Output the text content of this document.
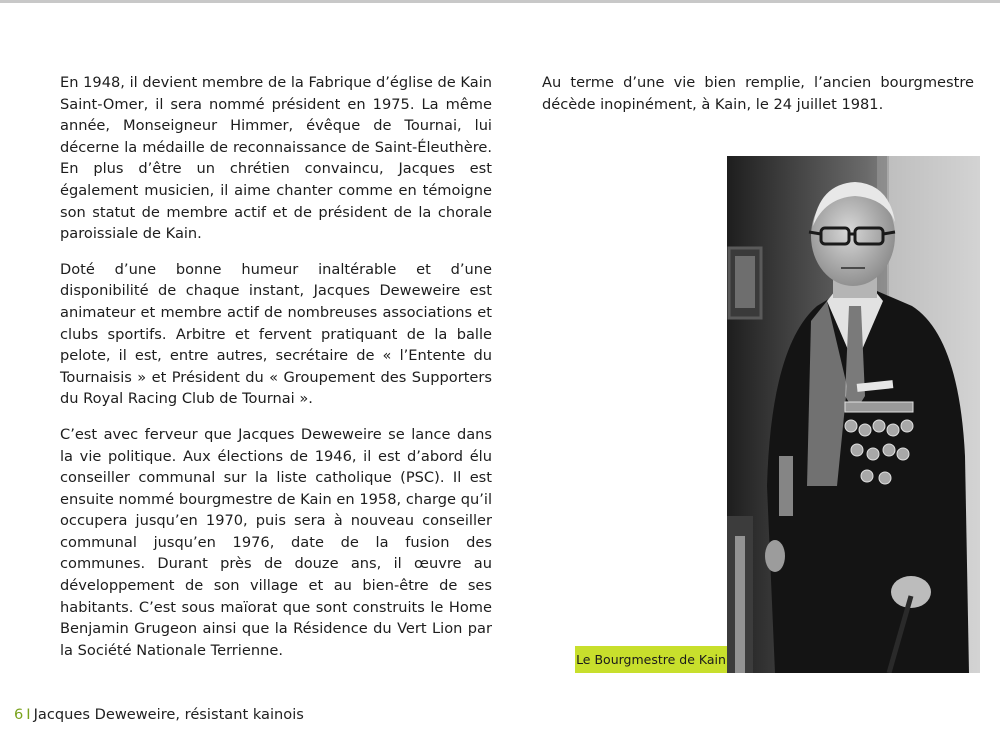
En 1948, il devient membre de la Fabrique d’église de Kain Saint-Omer, il sera nommé président en 1975. La même année, Monseigneur Himmer, évêque de Tournai, lui décerne la médaille de reconnaissance de Saint-Éleuthère. En plus d’être un chrétien convaincu, Jacques est également musicien, il aime chanter comme en témoigne son statut de membre actif et de président de la chorale paroissiale de Kain.

Doté d’une bonne humeur inaltérable et d’une disponibilité de chaque instant, Jacques Deweweire est animateur et membre actif de nombreuses associations et clubs sportifs. Arbitre et fervent pratiquant de la balle pelote, il est, entre autres, secrétaire de « l’Entente du Tournaisis » et Président du « Groupement des Supporters du Royal Racing Club de Tournai ».

C’est avec ferveur que Jacques Deweweire se lance dans la vie politique. Aux élections de 1946, il est d’abord élu conseiller communal sur la liste catholique (PSC). Il est ensuite nommé bourgmestre de Kain en 1958, charge qu’il occupera jusqu’en 1970, puis sera à nouveau conseiller communal jusqu’en 1976, date de la fusion des communes. Durant près de douze ans, il œuvre au développement de son village et au bien-être de ses habitants. C’est sous maïorat que sont construits le Home Benjamin Grugeon ainsi que la Résidence du Vert Lion par la Société Nationale Terrienne.

Au terme d’une vie bien remplie, l’ancien bourgmestre décède inopinément, à Kain, le 24 juillet 1981.

Le Bourgmestre de Kain
6 I Jacques Deweweire, résistant kainois
